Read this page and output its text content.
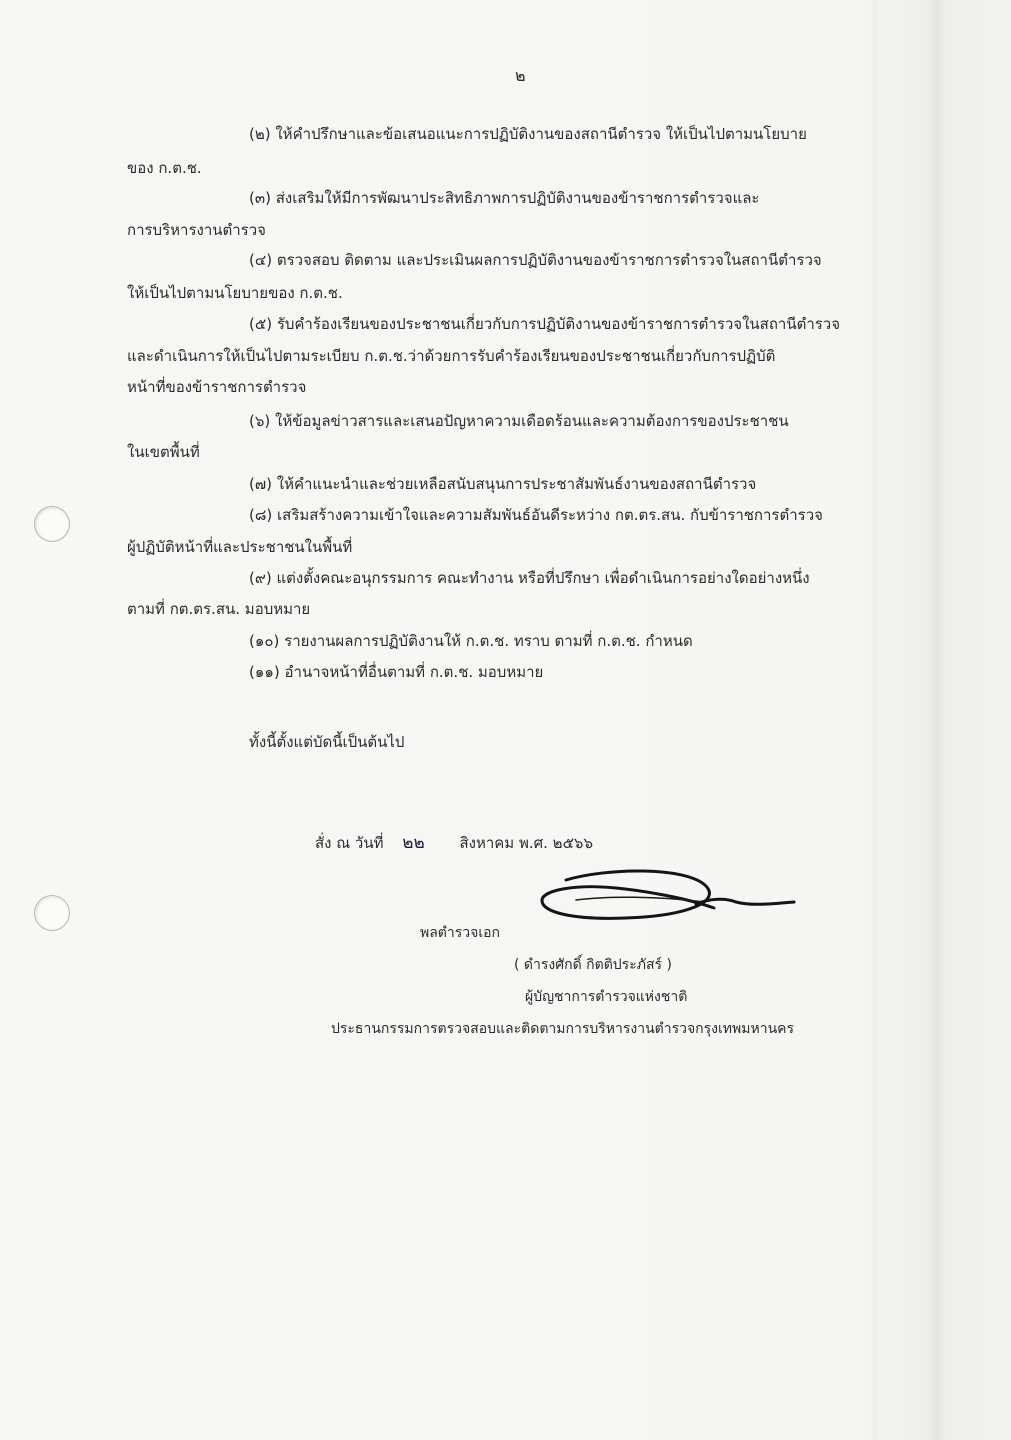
๒
(๒) ให้คำปรึกษาและข้อเสนอแนะการปฏิบัติงานของสถานีตำรวจ ให้เป็นไปตามนโยบาย
ของ ก.ต.ช.
(๓) ส่งเสริมให้มีการพัฒนาประสิทธิภาพการปฏิบัติงานของข้าราชการตำรวจและ
การบริหารงานตำรวจ
(๔) ตรวจสอบ ติดตาม และประเมินผลการปฏิบัติงานของข้าราชการตำรวจในสถานีตำรวจ
ให้เป็นไปตามนโยบายของ ก.ต.ช.
(๕) รับคำร้องเรียนของประชาชนเกี่ยวกับการปฏิบัติงานของข้าราชการตำรวจในสถานีตำรวจ
และดำเนินการให้เป็นไปตามระเบียบ ก.ต.ช.ว่าด้วยการรับคำร้องเรียนของประชาชนเกี่ยวกับการปฏิบัติ
หน้าที่ของข้าราชการตำรวจ
(๖) ให้ข้อมูลข่าวสารและเสนอปัญหาความเดือดร้อนและความต้องการของประชาชน
ในเขตพื้นที่
(๗) ให้คำแนะนำและช่วยเหลือสนับสนุนการประชาสัมพันธ์งานของสถานีตำรวจ
(๘) เสริมสร้างความเข้าใจและความสัมพันธ์อันดีระหว่าง กต.ตร.สน. กับข้าราชการตำรวจ
ผู้ปฏิบัติหน้าที่และประชาชนในพื้นที่
(๙) แต่งตั้งคณะอนุกรรมการ คณะทำงาน หรือที่ปรึกษา เพื่อดำเนินการอย่างใดอย่างหนึ่ง
ตามที่ กต.ตร.สน. มอบหมาย
(๑๐) รายงานผลการปฏิบัติงานให้ ก.ต.ช. ทราบ ตามที่ ก.ต.ช. กำหนด
(๑๑) อำนาจหน้าที่อื่นตามที่ ก.ต.ช. มอบหมาย
ทั้งนี้ตั้งแต่บัดนี้เป็นต้นไป
สั่ง ณ วันที่ ๒๒ สิงหาคม พ.ศ. ๒๕๖๖
พลตำรวจเอก
( ดำรงศักดิ์ กิตติประภัสร์ )
ผู้บัญชาการตำรวจแห่งชาติ
ประธานกรรมการตรวจสอบและติดตามการบริหารงานตำรวจกรุงเทพมหานคร
